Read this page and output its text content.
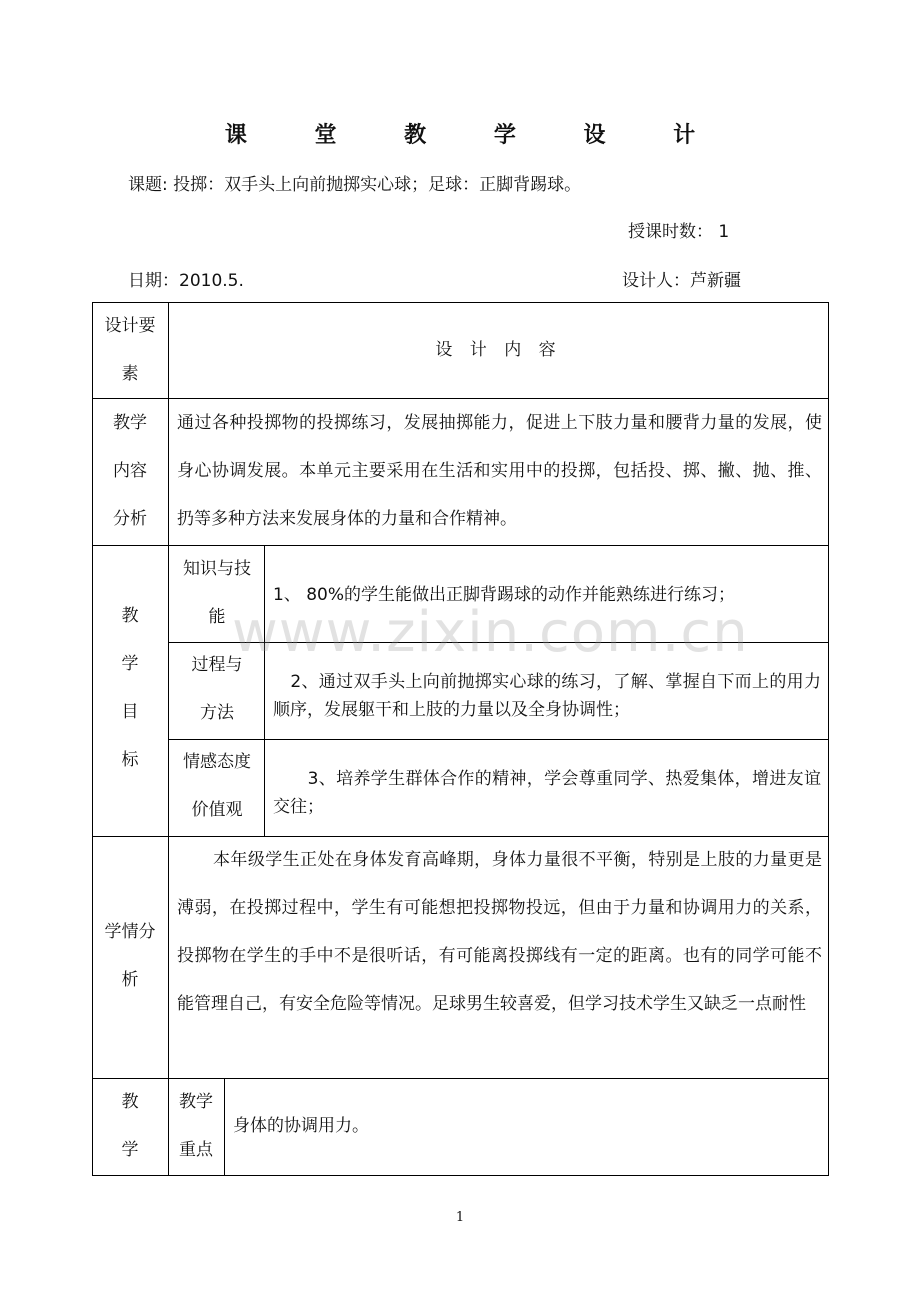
课 堂 教 学 设 计
课题: 投掷：双手头上向前抛掷实心球；足球：正脚背踢球。
授课时数： 1
日期：2010.5.	设计人：芦新疆
设计要素
设 计 内 容
教学内容分析
通过各种投掷物的投掷练习，发展抽掷能力，促进上下肢力量和腰背力量的发展，使身心协调发展。本单元主要采用在生活和实用中的投掷，包括投、掷、撇、抛、推、扔等多种方法来发展身体的力量和合作精神。
教学目标
知识与技能
1、 80%的学生能做出正脚背踢球的动作并能熟练进行练习；
过程与方法
　2、通过双手头上向前抛掷实心球的练习，了解、掌握自下而上的用力顺序，发展躯干和上肢的力量以及全身协调性；
情感态度价值观
　　3、培养学生群体合作的精神，学会尊重同学、热爱集体，增进友谊交往；
学情分析
本年级学生正处在身体发育高峰期，身体力量很不平衡，特别是上肢的力量更是溥弱，在投掷过程中，学生有可能想把投掷物投远，但由于力量和协调用力的关系，投掷物在学生的手中不是很听话，有可能离投掷线有一定的距离。也有的同学可能不能管理自己，有安全危险等情况。足球男生较喜爱，但学习技术学生又缺乏一点耐性
教学
教学重点
身体的协调用力。
www.zixin.com.cn
1
